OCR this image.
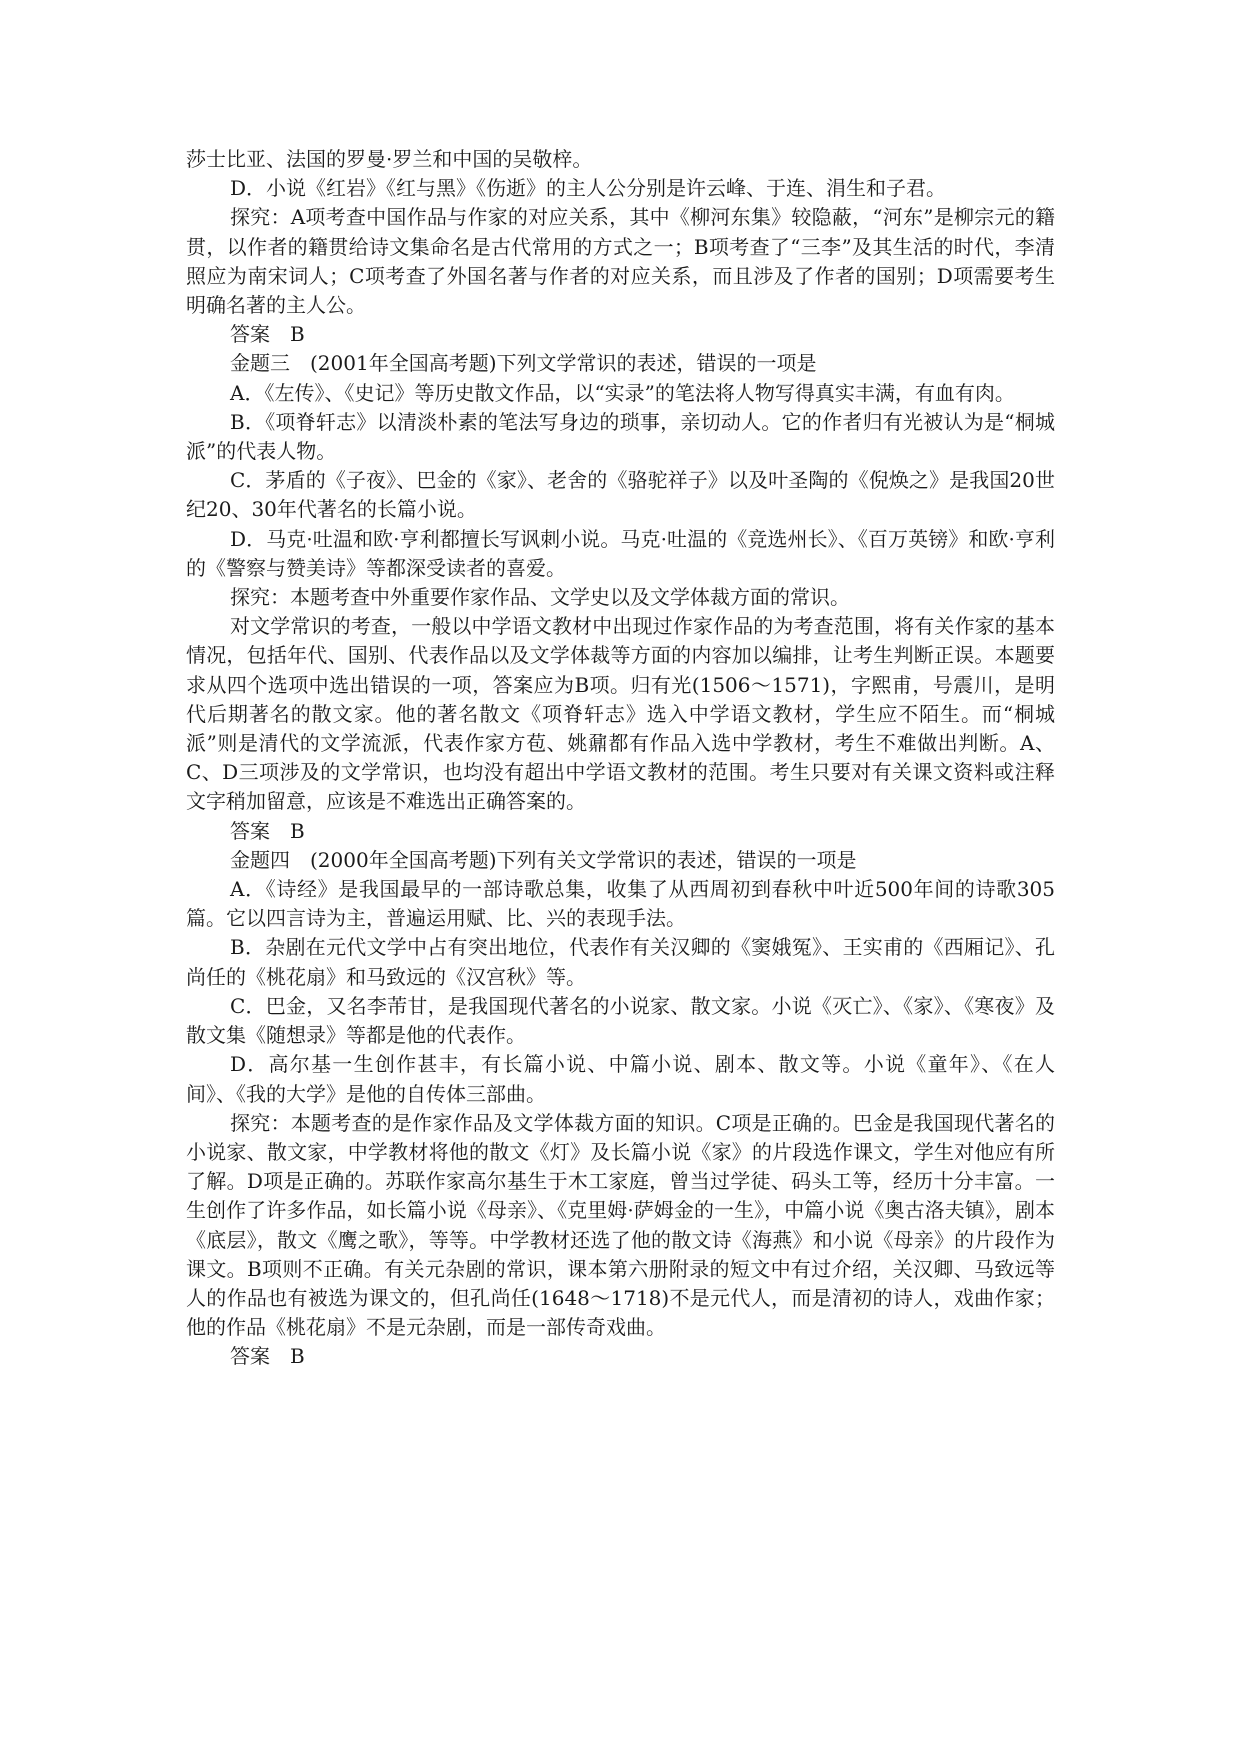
莎士比亚、法国的罗曼·罗兰和中国的吴敬梓。

D．小说《红岩》《红与黑》《伤逝》的主人公分别是许云峰、于连、涓生和子君。

探究：A项考查中国作品与作家的对应关系，其中《柳河东集》较隐蔽，“河东”是柳宗元的籍贯，以作者的籍贯给诗文集命名是古代常用的方式之一；B项考查了“三李”及其生活的时代，李清照应为南宋词人；C项考查了外国名著与作者的对应关系，而且涉及了作者的国别；D项需要考生明确名著的主人公。

答案　B

金题三　(2001年全国高考题)下列文学常识的表述，错误的一项是

A．《左传》、《史记》等历史散文作品，以“实录”的笔法将人物写得真实丰满，有血有肉。

B．《项脊轩志》以清淡朴素的笔法写身边的琐事，亲切动人。它的作者归有光被认为是“桐城派”的代表人物。

C．茅盾的《子夜》、巴金的《家》、老舍的《骆驼祥子》以及叶圣陶的《倪焕之》是我国20世纪20、30年代著名的长篇小说。

D．马克·吐温和欧·亨利都擅长写讽刺小说。马克·吐温的《竞选州长》、《百万英镑》和欧·亨利的《警察与赞美诗》等都深受读者的喜爱。

探究：本题考查中外重要作家作品、文学史以及文学体裁方面的常识。

对文学常识的考查，一般以中学语文教材中出现过作家作品的为考查范围，将有关作家的基本情况，包括年代、国别、代表作品以及文学体裁等方面的内容加以编排，让考生判断正误。本题要求从四个选项中选出错误的一项，答案应为B项。归有光(1506～1571)，字熙甫，号震川，是明代后期著名的散文家。他的著名散文《项脊轩志》选入中学语文教材，学生应不陌生。而“桐城派”则是清代的文学流派，代表作家方苞、姚鼐都有作品入选中学教材，考生不难做出判断。A、C、D三项涉及的文学常识，也均没有超出中学语文教材的范围。考生只要对有关课文资料或注释文字稍加留意，应该是不难选出正确答案的。

答案　B

金题四　(2000年全国高考题)下列有关文学常识的表述，错误的一项是

A．《诗经》是我国最早的一部诗歌总集，收集了从西周初到春秋中叶近500年间的诗歌305篇。它以四言诗为主，普遍运用赋、比、兴的表现手法。

B．杂剧在元代文学中占有突出地位，代表作有关汉卿的《窦娥冤》、王实甫的《西厢记》、孔尚任的《桃花扇》和马致远的《汉宫秋》等。

C．巴金，又名李芾甘，是我国现代著名的小说家、散文家。小说《灭亡》、《家》、《寒夜》及散文集《随想录》等都是他的代表作。

D．高尔基一生创作甚丰，有长篇小说、中篇小说、剧本、散文等。小说《童年》、《在人间》、《我的大学》是他的自传体三部曲。

探究：本题考查的是作家作品及文学体裁方面的知识。C项是正确的。巴金是我国现代著名的小说家、散文家，中学教材将他的散文《灯》及长篇小说《家》的片段选作课文，学生对他应有所了解。D项是正确的。苏联作家高尔基生于木工家庭，曾当过学徒、码头工等，经历十分丰富。一生创作了许多作品，如长篇小说《母亲》、《克里姆·萨姆金的一生》，中篇小说《奥古洛夫镇》，剧本《底层》，散文《鹰之歌》，等等。中学教材还选了他的散文诗《海燕》和小说《母亲》的片段作为课文。B项则不正确。有关元杂剧的常识，课本第六册附录的短文中有过介绍，关汉卿、马致远等人的作品也有被选为课文的，但孔尚任(1648～1718)不是元代人，而是清初的诗人，戏曲作家；他的作品《桃花扇》不是元杂剧，而是一部传奇戏曲。

答案　B
